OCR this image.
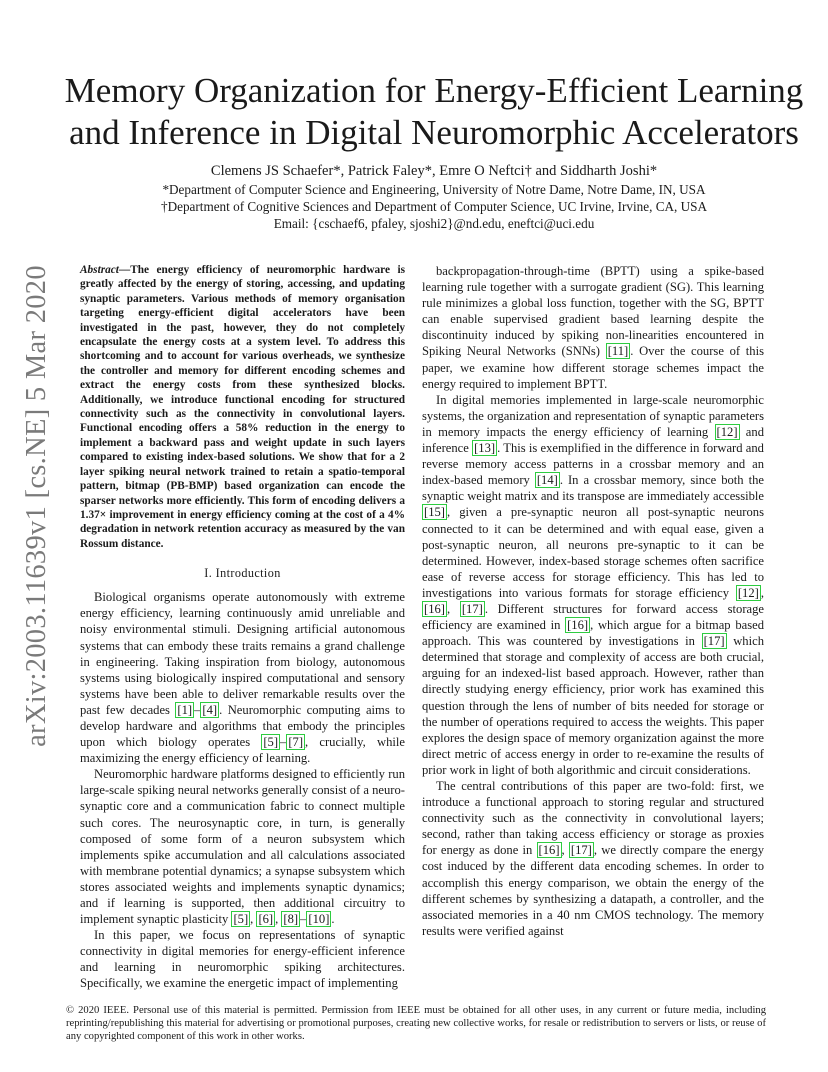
arXiv:2003.11639v1 [cs.NE] 5 Mar 2020
Memory Organization for Energy-Efficient Learning
and Inference in Digital Neuromorphic Accelerators
Clemens JS Schaefer*, Patrick Faley*, Emre O Neftci† and Siddharth Joshi*
*Department of Computer Science and Engineering, University of Notre Dame, Notre Dame, IN, USA
†Department of Cognitive Sciences and Department of Computer Science, UC Irvine, Irvine, CA, USA
Email: {cschaef6, pfaley, sjoshi2}@nd.edu, eneftci@uci.edu

Abstract—The energy efficiency of neuromorphic hardware is greatly affected by the energy of storing, accessing, and updating synaptic parameters. Various methods of memory organisation targeting energy-efficient digital accelerators have been investigated in the past, however, they do not completely encapsulate the energy costs at a system level. To address this shortcoming and to account for various overheads, we synthesize the controller and memory for different encoding schemes and extract the energy costs from these synthesized blocks. Additionally, we introduce functional encoding for structured connectivity such as the connectivity in convolutional layers. Functional encoding offers a 58% reduction in the energy to implement a backward pass and weight update in such layers compared to existing index-based solutions. We show that for a 2 layer spiking neural network trained to retain a spatio-temporal pattern, bitmap (PB-BMP) based organization can encode the sparser networks more efficiently. This form of encoding delivers a 1.37× improvement in energy efficiency coming at the cost of a 4% degradation in network retention accuracy as measured by the van Rossum distance.

I. Introduction

Biological organisms operate autonomously with extreme energy efficiency, learning continuously amid unreliable and noisy environmental stimuli. Designing artificial autonomous systems that can embody these traits remains a grand challenge in engineering. Taking inspiration from biology, autonomous systems using biologically inspired computational and sensory systems have been able to deliver remarkable results over the past few decades [1] – [4] . Neuromorphic computing aims to develop hardware and algorithms that embody the principles upon which biology operates [5] – [7] , crucially, while maximizing the energy efficiency of learning.

Neuromorphic hardware platforms designed to efficiently run large-scale spiking neural networks generally consist of a neuro-synaptic core and a communication fabric to connect multiple such cores. The neurosynaptic core, in turn, is generally composed of some form of a neuron subsystem which implements spike accumulation and all calculations associated with membrane potential dynamics; a synapse subsystem which stores associated weights and implements synaptic dynamics; and if learning is supported, then additional circuitry to implement synaptic plasticity [5] , [6] , [8] – [10] .

In this paper, we focus on representations of synaptic connectivity in digital memories for energy-efficient inference and learning in neuromorphic spiking architectures. Specifically, we examine the energetic impact of implementing

backpropagation-through-time (BPTT) using a spike-based learning rule together with a surrogate gradient (SG). This learning rule minimizes a global loss function, together with the SG, BPTT can enable supervised gradient based learning despite the discontinuity induced by spiking non-linearities encountered in Spiking Neural Networks (SNNs) [11] . Over the course of this paper, we examine how different storage schemes impact the energy required to implement BPTT.

In digital memories implemented in large-scale neuromorphic systems, the organization and representation of synaptic parameters in memory impacts the energy efficiency of learning [12] and inference [13] . This is exemplified in the difference in forward and reverse memory access patterns in a crossbar memory and an index-based memory [14] . In a crossbar memory, since both the synaptic weight matrix and its transpose are immediately accessible [15] , given a pre-synaptic neuron all post-synaptic neurons connected to it can be determined and with equal ease, given a post-synaptic neuron, all neurons pre-synaptic to it can be determined. However, index-based storage schemes often sacrifice ease of reverse access for storage efficiency. This has led to investigations into various formats for storage efficiency [12] , [16] , [17] . Different structures for forward access storage efficiency are examined in [16] , which argue for a bitmap based approach. This was countered by investigations in [17] which determined that storage and complexity of access are both crucial, arguing for an indexed-list based approach. However, rather than directly studying energy efficiency, prior work has examined this question through the lens of number of bits needed for storage or the number of operations required to access the weights. This paper explores the design space of memory organization against the more direct metric of access energy in order to re-examine the results of prior work in light of both algorithmic and circuit considerations.

The central contributions of this paper are two-fold: first, we introduce a functional approach to storing regular and structured connectivity such as the connectivity in convolutional layers; second, rather than taking access efficiency or storage as proxies for energy as done in [16] , [17] , we directly compare the energy cost induced by the different data encoding schemes. In order to accomplish this energy comparison, we obtain the energy of the different schemes by synthesizing a datapath, a controller, and the associated memories in a 40 nm CMOS technology. The memory results were verified against

© 2020 IEEE. Personal use of this material is permitted. Permission from IEEE must be obtained for all other uses, in any current or future media, including reprinting/republishing this material for advertising or promotional purposes, creating new collective works, for resale or redistribution to servers or lists, or reuse of any copyrighted component of this work in other works.
